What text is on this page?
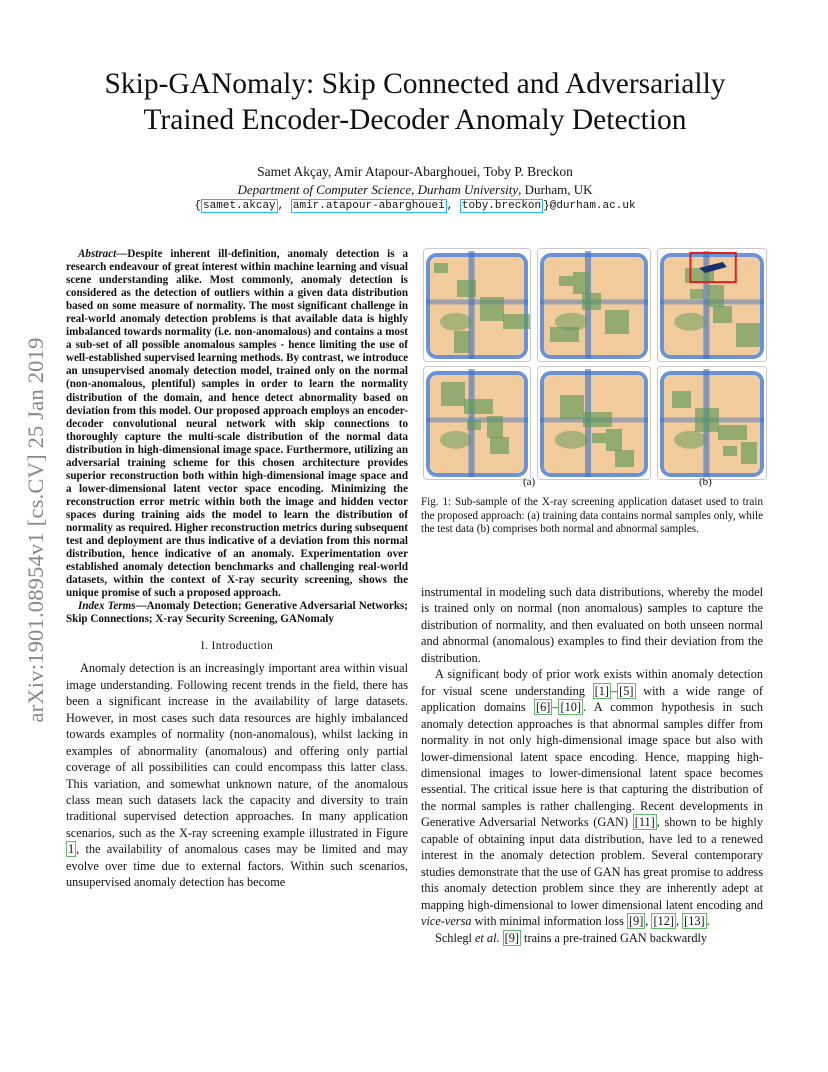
arXiv:1901.08954v1 [cs.CV] 25 Jan 2019
Skip-GANomaly: Skip Connected and Adversarially
Trained Encoder-Decoder Anomaly Detection
Samet Akçay, Amir Atapour-Abarghouei, Toby P. Breckon
Department of Computer Science, Durham University, Durham, UK
{ samet.akcay , amir.atapour-abarghouei , toby.breckon }@durham.ac.uk

Abstract—Despite inherent ill-definition, anomaly detection is a research endeavour of great interest within machine learning and visual scene understanding alike. Most commonly, anomaly detection is considered as the detection of outliers within a given data distribution based on some measure of normality. The most significant challenge in real-world anomaly detection problems is that available data is highly imbalanced towards normality (i.e. non-anomalous) and contains a most a sub-set of all possible anomalous samples - hence limiting the use of well-established supervised learning methods. By contrast, we introduce an unsupervised anomaly detection model, trained only on the normal (non-anomalous, plentiful) samples in order to learn the normality distribution of the domain, and hence detect abnormality based on deviation from this model. Our proposed approach employs an encoder-decoder convolutional neural network with skip connections to thoroughly capture the multi-scale distribution of the normal data distribution in high-dimensional image space. Furthermore, utilizing an adversarial training scheme for this chosen architecture provides superior reconstruction both within high-dimensional image space and a lower-dimensional latent vector space encoding. Minimizing the reconstruction error metric within both the image and hidden vector spaces during training aids the model to learn the distribution of normality as required. Higher reconstruction metrics during subsequent test and deployment are thus indicative of a deviation from this normal distribution, hence indicative of an anomaly. Experimentation over established anomaly detection benchmarks and challenging real-world datasets, within the context of X-ray security screening, shows the unique promise of such a proposed approach.

Index Terms—Anomaly Detection; Generative Adversarial Networks; Skip Connections; X-ray Security Screening, GANomaly

I. Introduction

Anomaly detection is an increasingly important area within visual image understanding. Following recent trends in the field, there has been a significant increase in the availability of large datasets. However, in most cases such data resources are highly imbalanced towards examples of normality (non-anomalous), whilst lacking in examples of abnormality (anomalous) and offering only partial coverage of all possibilities can could encompass this latter class. This variation, and somewhat unknown nature, of the anomalous class mean such datasets lack the capacity and diversity to train traditional supervised detection approaches. In many application scenarios, such as the X-ray screening example illustrated in Figure 1 , the availability of anomalous cases may be limited and may evolve over time due to external factors. Within such scenarios, unsupervised anomaly detection has become

(a)	(b)
Fig. 1: Sub-sample of the X-ray screening application dataset used to train the proposed approach: (a) training data contains normal samples only, while the test data (b) comprises both normal and abnormal samples.

instrumental in modeling such data distributions, whereby the model is trained only on normal (non anomalous) samples to capture the distribution of normality, and then evaluated on both unseen normal and abnormal (anomalous) examples to find their deviation from the distribution.

A significant body of prior work exists within anomaly detection for visual scene understanding [1] – [5] with a wide range of application domains [6] – [10] . A common hypothesis in such anomaly detection approaches is that abnormal samples differ from normality in not only high-dimensional image space but also with lower-dimensional latent space encoding. Hence, mapping high-dimensional images to lower-dimensional latent space becomes essential. The critical issue here is that capturing the distribution of the normal samples is rather challenging. Recent developments in Generative Adversarial Networks (GAN) [11] , shown to be highly capable of obtaining input data distribution, have led to a renewed interest in the anomaly detection problem. Several contemporary studies demonstrate that the use of GAN has great promise to address this anomaly detection problem since they are inherently adept at mapping high-dimensional to lower dimensional latent encoding and vice-versa with minimal information loss [9] , [12] , [13] .

Schlegl et al. [9] trains a pre-trained GAN backwardly
